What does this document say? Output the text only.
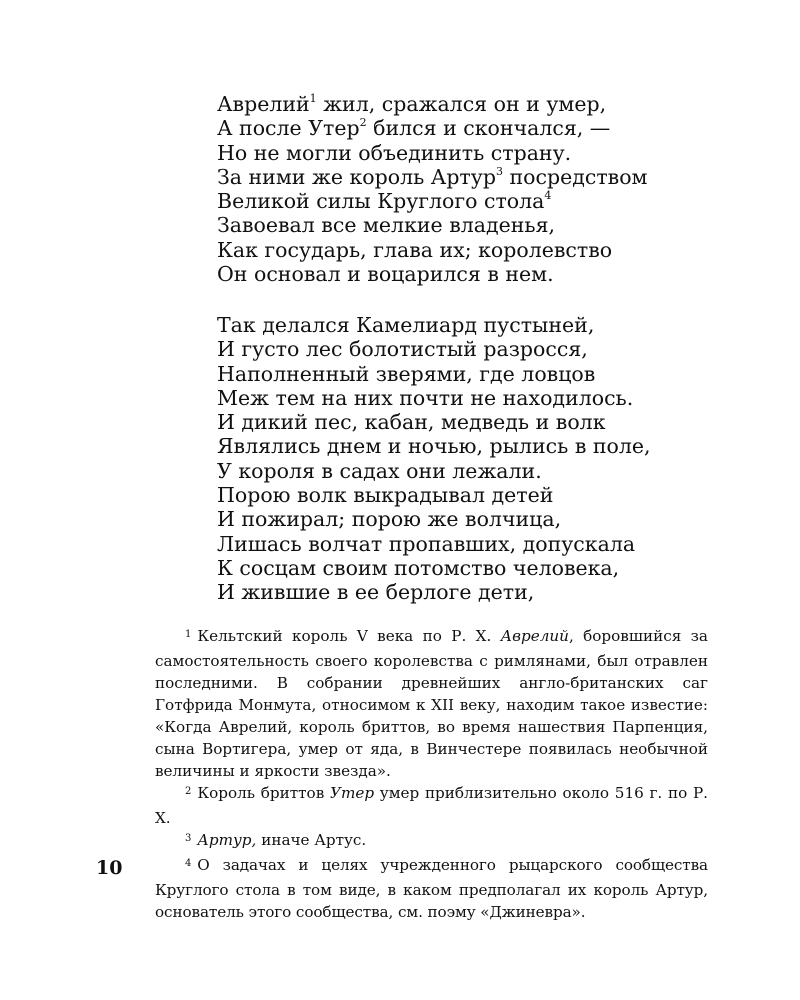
Аврелий$^1$ жил, сражался он и умер,
А после Утер$^2$ бился и скончался, —
Но не могли объединить страну.
За ними же король Артур$^3$ посредством
Великой силы Круглого стола$^4$
Завоевал все мелкие владенья,
Как государь, глава их; королевство
Он основал и воцарился в нем.
Так делался Камелиард пустыней,
И густо лес болотистый разросся,
Наполненный зверями, где ловцов
Меж тем на них почти не находилось.
И дикий пес, кабан, медведь и волк
Являлись днем и ночью, рылись в поле,
У короля в садах они лежали.
Порою волк выкрадывал детей
И пожирал; порою же волчица,
Лишась волчат пропавших, допускала
К сосцам своим потомство человека,
И жившие в ее берлоге дети,

$^1$ Кельтский король V века по Р. Х. Аврелий, боровшийся за самостоятельность своего королевства с римлянами, был отравлен последними. В собрании древнейших англо-британских саг Готфрида Монмута, относимом к XII веку, находим такое известие: «Когда Аврелий, король бриттов, во время нашествия Парпенция, сына Вортигера, умер от яда, в Винчестере появилась необычной величины и яркости звезда».

$^2$ Король бриттов Утер умер приблизительно около 516 г. по Р. Х.

$^3$ Артур, иначе Артус.

$^4$ О задачах и целях учрежденного рыцарского сообщества Круглого стола в том виде, в каком предполагал их король Артур, основатель этого сообщества, см. поэму «Джиневра».

10
